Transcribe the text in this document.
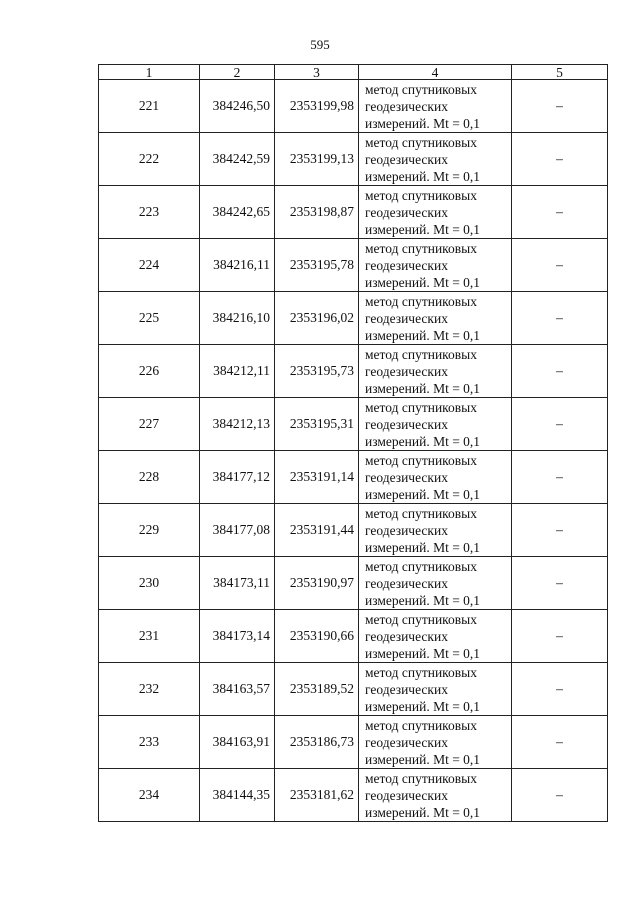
595
1	2	3	4	5
221	384246,50	2353199,98	метод спутниковых
геодезических
измерений. Mt = 0,1	–
222	384242,59	2353199,13	метод спутниковых
геодезических
измерений. Mt = 0,1	–
223	384242,65	2353198,87	метод спутниковых
геодезических
измерений. Mt = 0,1	–
224	384216,11	2353195,78	метод спутниковых
геодезических
измерений. Mt = 0,1	–
225	384216,10	2353196,02	метод спутниковых
геодезических
измерений. Mt = 0,1	–
226	384212,11	2353195,73	метод спутниковых
геодезических
измерений. Mt = 0,1	–
227	384212,13	2353195,31	метод спутниковых
геодезических
измерений. Mt = 0,1	–
228	384177,12	2353191,14	метод спутниковых
геодезических
измерений. Mt = 0,1	–
229	384177,08	2353191,44	метод спутниковых
геодезических
измерений. Mt = 0,1	–
230	384173,11	2353190,97	метод спутниковых
геодезических
измерений. Mt = 0,1	–
231	384173,14	2353190,66	метод спутниковых
геодезических
измерений. Mt = 0,1	–
232	384163,57	2353189,52	метод спутниковых
геодезических
измерений. Mt = 0,1	–
233	384163,91	2353186,73	метод спутниковых
геодезических
измерений. Mt = 0,1	–
234	384144,35	2353181,62	метод спутниковых
геодезических
измерений. Mt = 0,1	–
